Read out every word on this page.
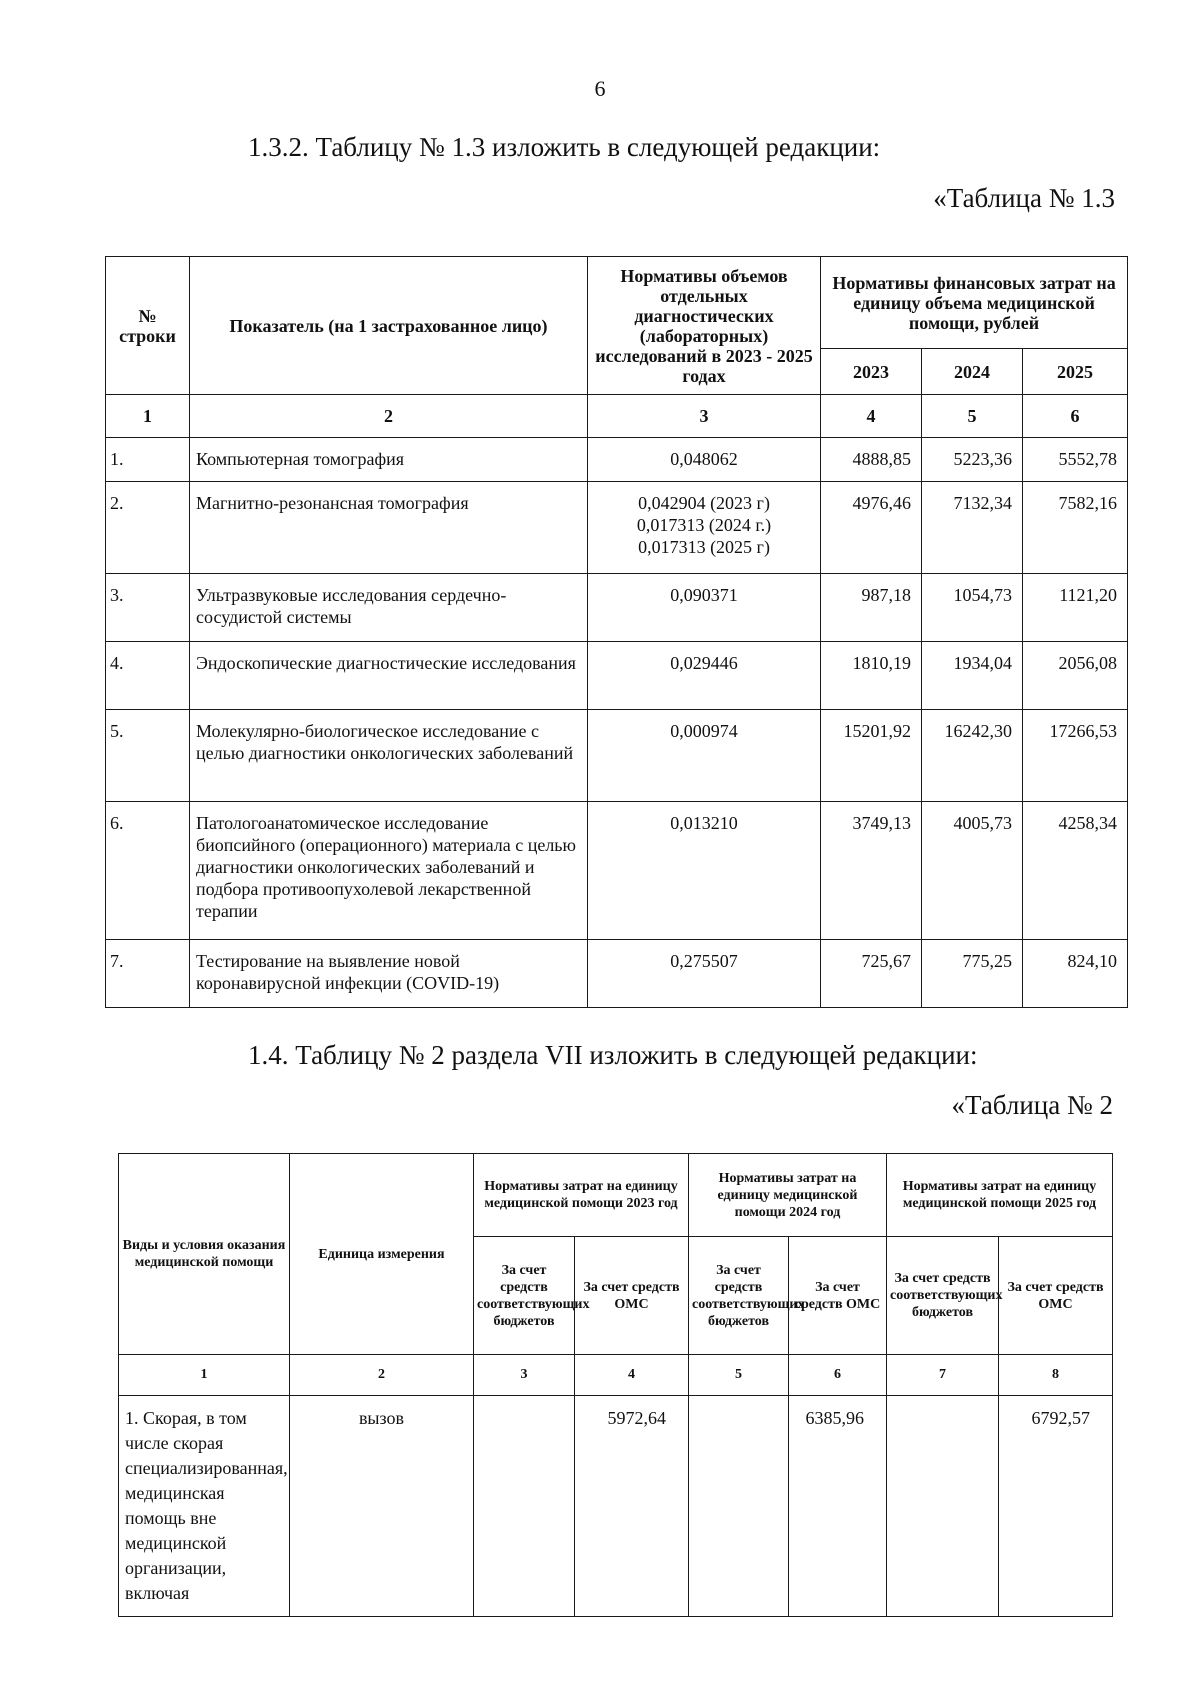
6
1.3.2. Таблицу № 1.3 изложить в следующей редакции:
«Таблица № 1.3
№ строки	Показатель (на 1 застрахованное лицо)	Нормативы объемов отдельных диагностических (лабораторных) исследований в 2023 - 2025 годах	Нормативы финансовых затрат на единицу объема медицинской помощи, рублей		
			2023	2024	2025
1	2	3	4	5	6
1.	Компьютерная томография	0,048062	4888,85	5223,36	5552,78
2.	Магнитно-резонансная томография	0,042904 (2023 г)
0,017313 (2024 г.)
0,017313 (2025 г)	4976,46	7132,34	7582,16
3.	Ультразвуковые исследования сердечно-сосудистой системы	0,090371	987,18	1054,73	1121,20
4.	Эндоскопические диагностические исследования	0,029446	1810,19	1934,04	2056,08
5.	Молекулярно-биологическое исследование с целью диагностики онкологических заболеваний	0,000974	15201,92	16242,30	17266,53
6.	Патологоанатомическое исследование биопсийного (операционного) материала с целью диагностики онкологических заболеваний и подбора противоопухолевой лекарственной терапии	0,013210	3749,13	4005,73	4258,34
7.	Тестирование на выявление новой коронавирусной инфекции (COVID-19)	0,275507	725,67	775,25	824,10
1.4. Таблицу № 2 раздела VII изложить в следующей редакции:
«Таблица № 2
Виды и условия оказания медицинской помощи	Единица измерения	Нормативы затрат на единицу медицинской помощи 2023 год		Нормативы затрат на единицу медицинской помощи 2024 год		Нормативы затрат на единицу медицинской помощи 2025 год	
		За счет средств соответствующих бюджетов	За счет средств ОМС	За счет средств соответствующих бюджетов	За счет средств ОМС	За счет средств соответствующих бюджетов	За счет средств ОМС
1	2	3	4	5	6	7	8
1. Скорая, в том числе скорая специализированная, медицинская помощь вне медицинской организации, включая	вызов		5972,64		6385,96		6792,57
